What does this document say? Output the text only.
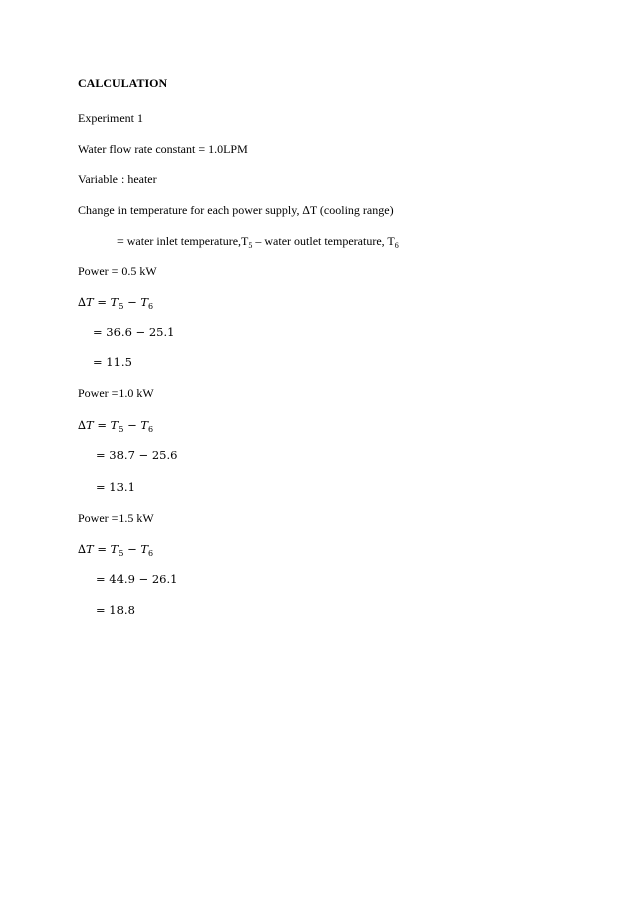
CALCULATION
Experiment 1
Water flow rate constant = 1.0LPM
Variable : heater
Change in temperature for each power supply, ∆T (cooling range)
= water inlet $temperature,T_5$ – water outlet temperature, $T_6$
Power = 0.5 kW
$\Delta T = T_5 - T_6$
= 36.6 − 25.1
= 11.5
Power =1.0 kW
$\Delta T = T_5 - T_6$
= 38.7 − 25.6
= 13.1
Power =1.5 kW
$\Delta T = T_5 - T_6$
= 44.9 − 26.1
= 18.8
